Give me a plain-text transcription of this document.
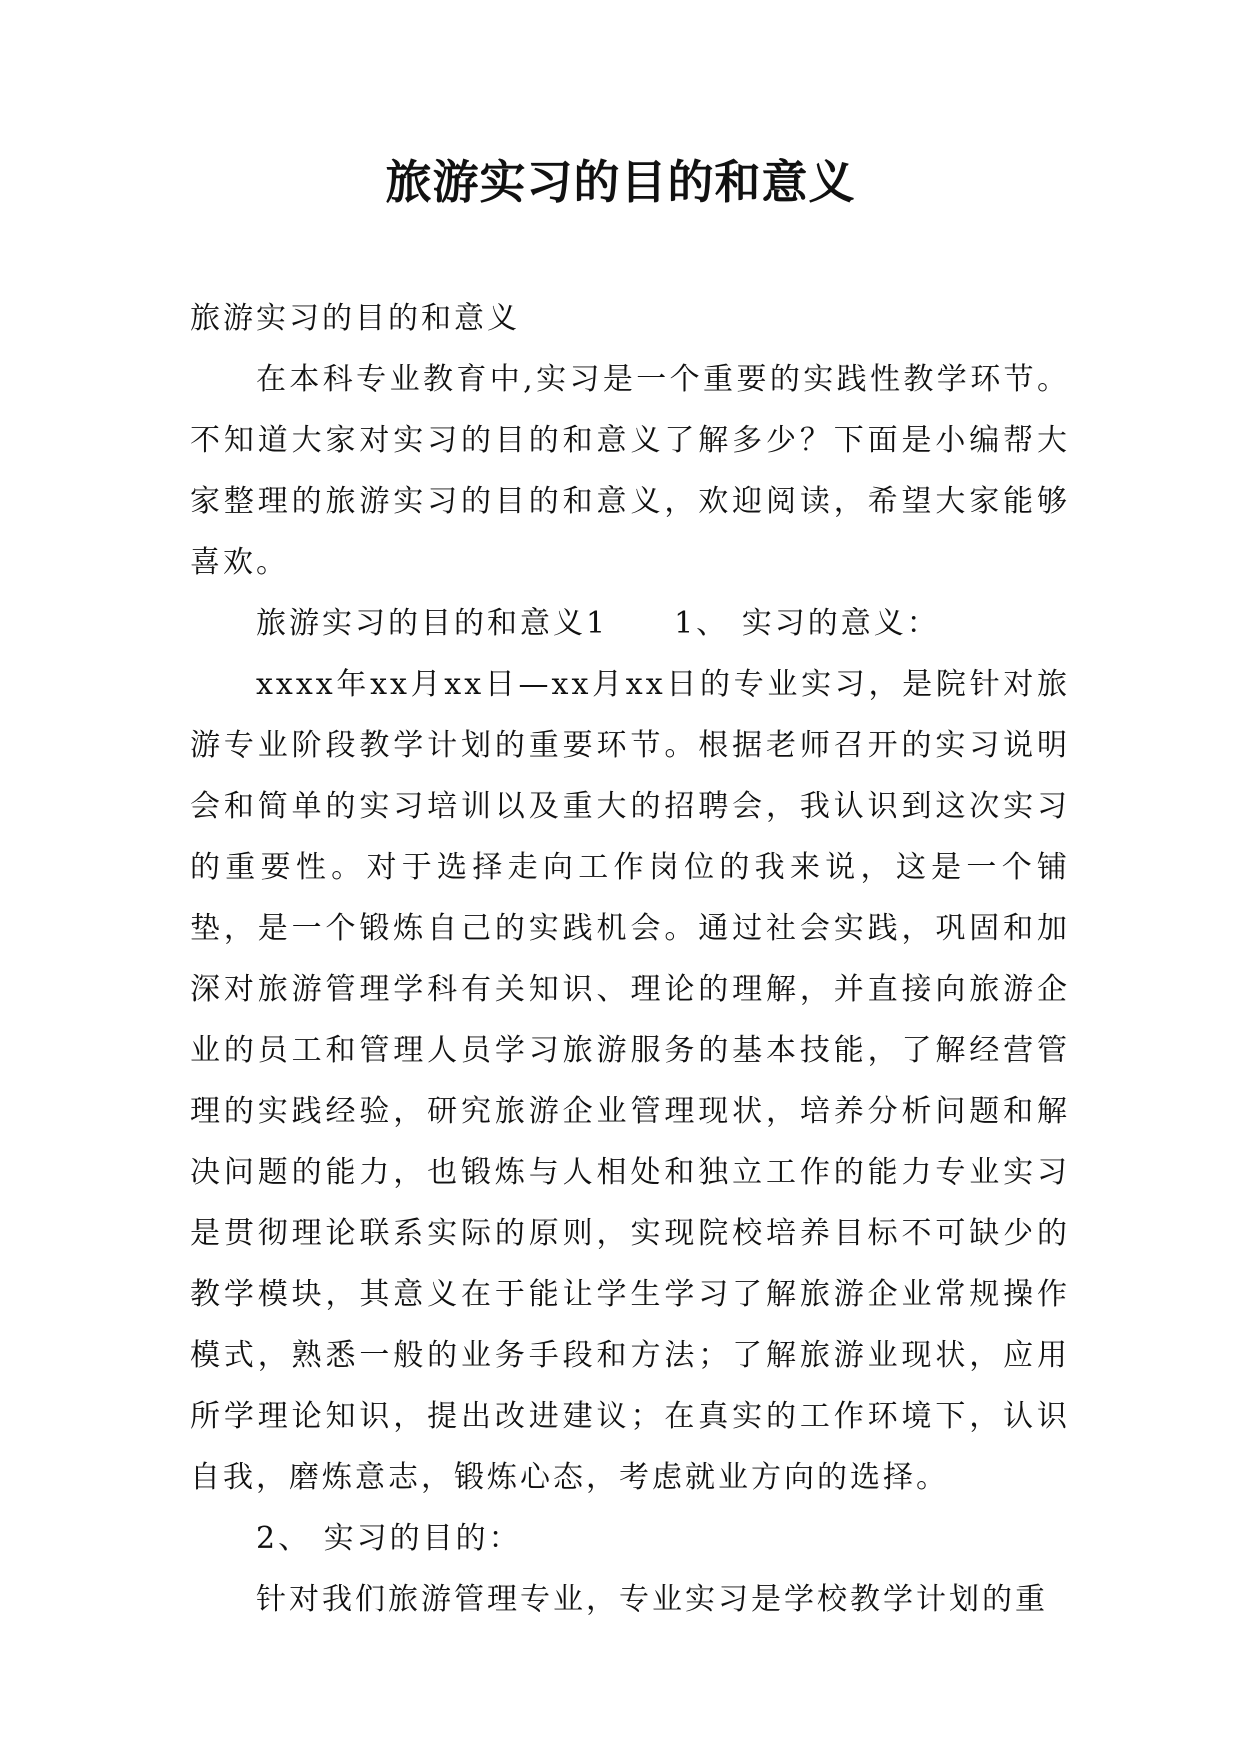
旅游实习的目的和意义

旅游实习的目的和意义

在本科专业教育中,实习是一个重要的实践性教学环节。不知道大家对实习的目的和意义了解多少？下面是小编帮大家整理的旅游实习的目的和意义，欢迎阅读，希望大家能够喜欢。

旅游实习的目的和意义1　　1、 实习的意义：

xxxx年xx月xx日—xx月xx日的专业实习，是院针对旅游专业阶段教学计划的重要环节。根据老师召开的实习说明会和简单的实习培训以及重大的招聘会，我认识到这次实习的重要性。对于选择走向工作岗位的我来说，这是一个铺垫，是一个锻炼自己的实践机会。通过社会实践，巩固和加深对旅游管理学科有关知识、理论的理解，并直接向旅游企业的员工和管理人员学习旅游服务的基本技能，了解经营管理的实践经验，研究旅游企业管理现状，培养分析问题和解决问题的能力，也锻炼与人相处和独立工作的能力专业实习是贯彻理论联系实际的原则，实现院校培养目标不可缺少的教学模块，其意义在于能让学生学习了解旅游企业常规操作模式，熟悉一般的业务手段和方法；了解旅游业现状，应用所学理论知识，提出改进建议；在真实的工作环境下，认识自我，磨炼意志，锻炼心态，考虑就业方向的选择。

2、 实习的目的：

针对我们旅游管理专业，专业实习是学校教学计划的重
